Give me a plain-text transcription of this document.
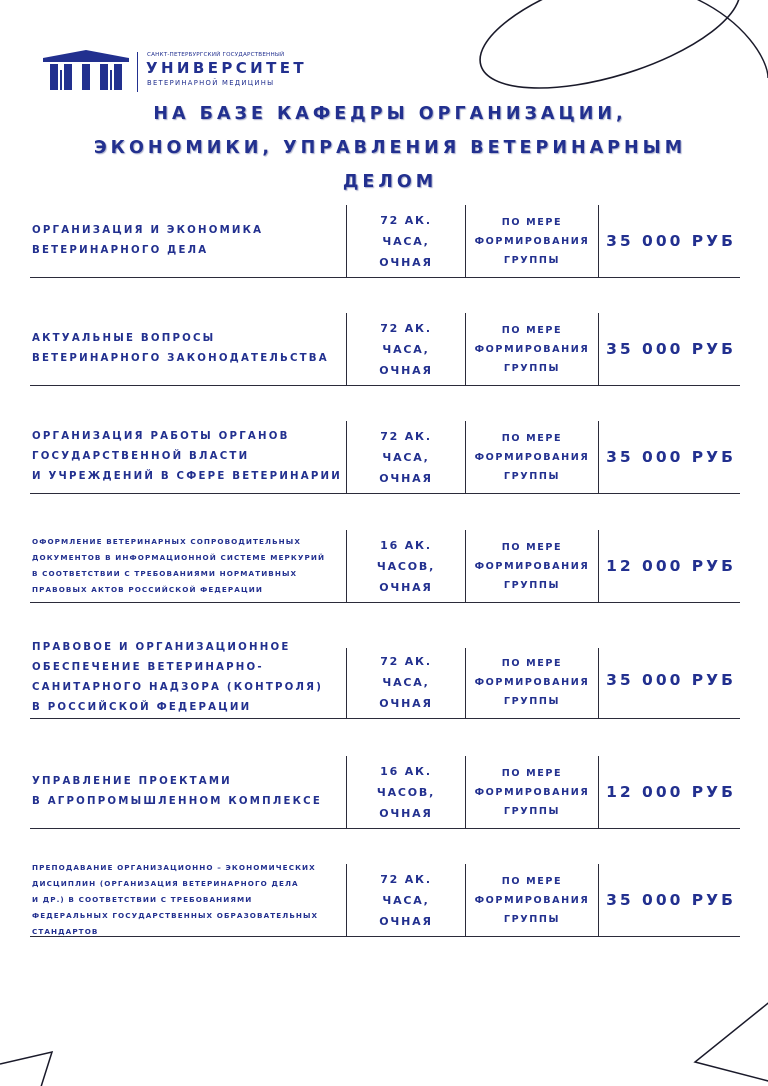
САНКТ-ПЕТЕРБУРГСКИЙ ГОСУДАРСТВЕННЫЙ
УНИВЕРСИТЕТ
ВЕТЕРИНАРНОЙ МЕДИЦИНЫ
НА БАЗЕ КАФЕДРЫ ОРГАНИЗАЦИИ,
ЭКОНОМИКИ, УПРАВЛЕНИЯ ВЕТЕРИНАРНЫМ
ДЕЛОМ
ОРГАНИЗАЦИЯ И ЭКОНОМИКА
ВЕТЕРИНАРНОГО ДЕЛА
72 АК.
ЧАСА,
ОЧНАЯ
ПО МЕРЕ
ФОРМИРОВАНИЯ
ГРУППЫ
35 000 РУБ
АКТУАЛЬНЫЕ ВОПРОСЫ
ВЕТЕРИНАРНОГО ЗАКОНОДАТЕЛЬСТВА
72 АК.
ЧАСА,
ОЧНАЯ
ПО МЕРЕ
ФОРМИРОВАНИЯ
ГРУППЫ
35 000 РУБ
ОРГАНИЗАЦИЯ РАБОТЫ ОРГАНОВ
ГОСУДАРСТВЕННОЙ ВЛАСТИ
И УЧРЕЖДЕНИЙ В СФЕРЕ ВЕТЕРИНАРИИ
72 АК.
ЧАСА,
ОЧНАЯ
ПО МЕРЕ
ФОРМИРОВАНИЯ
ГРУППЫ
35 000 РУБ
ОФОРМЛЕНИЕ ВЕТЕРИНАРНЫХ СОПРОВОДИТЕЛЬНЫХ
ДОКУМЕНТОВ В ИНФОРМАЦИОННОЙ СИСТЕМЕ МЕРКУРИЙ
В СООТВЕТСТВИИ С ТРЕБОВАНИЯМИ НОРМАТИВНЫХ
ПРАВОВЫХ АКТОВ РОССИЙСКОЙ ФЕДЕРАЦИИ
16 АК.
ЧАСОВ,
ОЧНАЯ
ПО МЕРЕ
ФОРМИРОВАНИЯ
ГРУППЫ
12 000 РУБ
ПРАВОВОЕ И ОРГАНИЗАЦИОННОЕ
ОБЕСПЕЧЕНИЕ ВЕТЕРИНАРНО-
САНИТАРНОГО НАДЗОРА (КОНТРОЛЯ)
В РОССИЙСКОЙ ФЕДЕРАЦИИ
72 АК.
ЧАСА,
ОЧНАЯ
ПО МЕРЕ
ФОРМИРОВАНИЯ
ГРУППЫ
35 000 РУБ
УПРАВЛЕНИЕ ПРОЕКТАМИ
В АГРОПРОМЫШЛЕННОМ КОМПЛЕКСЕ
16 АК.
ЧАСОВ,
ОЧНАЯ
ПО МЕРЕ
ФОРМИРОВАНИЯ
ГРУППЫ
12 000 РУБ
ПРЕПОДАВАНИЕ ОРГАНИЗАЦИОННО – ЭКОНОМИЧЕСКИХ
ДИСЦИПЛИН (ОРГАНИЗАЦИЯ ВЕТЕРИНАРНОГО ДЕЛА
И ДР.) В СООТВЕТСТВИИ С ТРЕБОВАНИЯМИ
ФЕДЕРАЛЬНЫХ ГОСУДАРСТВЕННЫХ ОБРАЗОВАТЕЛЬНЫХ
СТАНДАРТОВ
72 АК.
ЧАСА,
ОЧНАЯ
ПО МЕРЕ
ФОРМИРОВАНИЯ
ГРУППЫ
35 000 РУБ
